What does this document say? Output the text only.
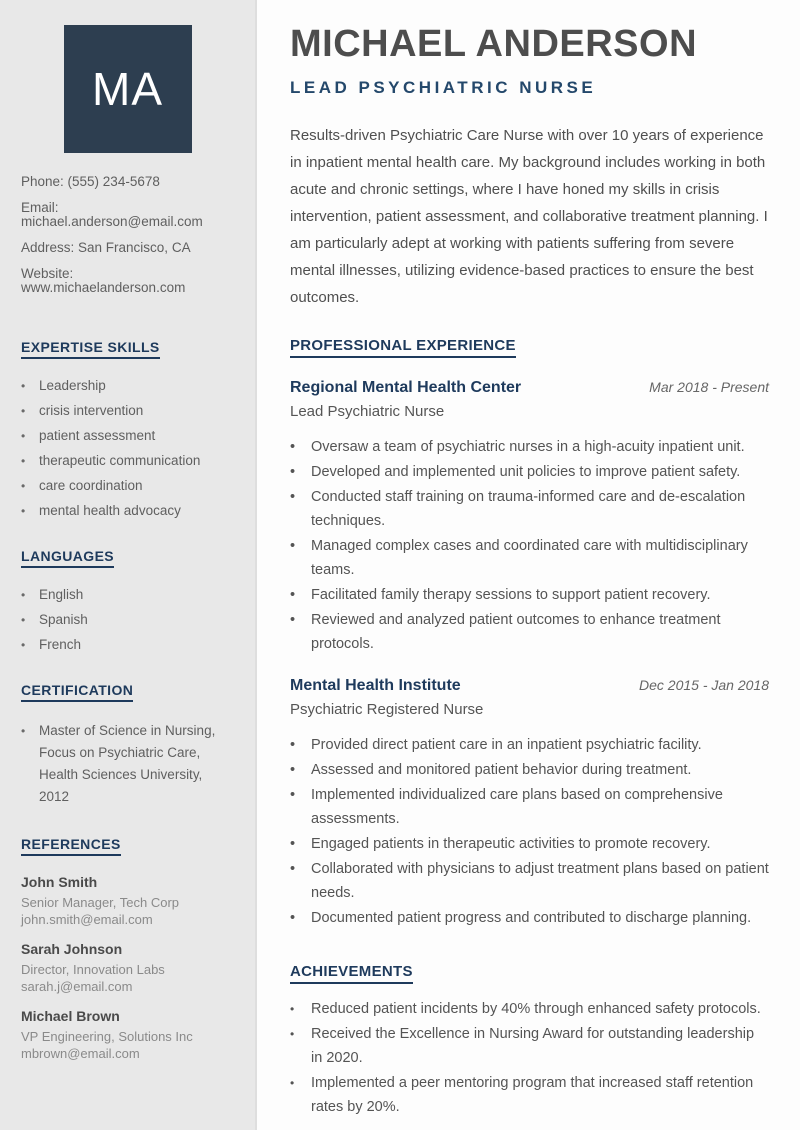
MA
Phone: (555) 234-5678
Email: michael.anderson@email.com
Address: San Francisco, CA
Website: www.michaelanderson.com
EXPERTISE SKILLS
• Leadership
• crisis intervention
• patient assessment
• therapeutic communication
• care coordination
• mental health advocacy
LANGUAGES
• English
• Spanish
• French
CERTIFICATION
• Master of Science in Nursing, Focus on Psychiatric Care, Health Sciences University, 2012
REFERENCES
John Smith
Senior Manager, Tech Corp
john.smith@email.com
Sarah Johnson
Director, Innovation Labs
sarah.j@email.com
Michael Brown
VP Engineering, Solutions Inc
mbrown@email.com
MICHAEL ANDERSON
LEAD PSYCHIATRIC NURSE

Results-driven Psychiatric Care Nurse with over 10 years of experience in inpatient mental health care. My background includes working in both acute and chronic settings, where I have honed my skills in crisis intervention, patient assessment, and collaborative treatment planning. I am particularly adept at working with patients suffering from severe mental illnesses, utilizing evidence-based practices to ensure the best outcomes.

PROFESSIONAL EXPERIENCE
Regional Mental Health Center	Mar 2018 - Present
Lead Psychiatric Nurse
• Oversaw a team of psychiatric nurses in a high-acuity inpatient unit.
• Developed and implemented unit policies to improve patient safety.
• Conducted staff training on trauma-informed care and de-escalation techniques.
• Managed complex cases and coordinated care with multidisciplinary teams.
• Facilitated family therapy sessions to support patient recovery.
• Reviewed and analyzed patient outcomes to enhance treatment protocols.
Mental Health Institute	Dec 2015 - Jan 2018
Psychiatric Registered Nurse
• Provided direct patient care in an inpatient psychiatric facility.
• Assessed and monitored patient behavior during treatment.
• Implemented individualized care plans based on comprehensive assessments.
• Engaged patients in therapeutic activities to promote recovery.
• Collaborated with physicians to adjust treatment plans based on patient needs.
• Documented patient progress and contributed to discharge planning.
ACHIEVEMENTS
• Reduced patient incidents by 40% through enhanced safety protocols.
• Received the Excellence in Nursing Award for outstanding leadership in 2020.
• Implemented a peer mentoring program that increased staff retention rates by 20%.
